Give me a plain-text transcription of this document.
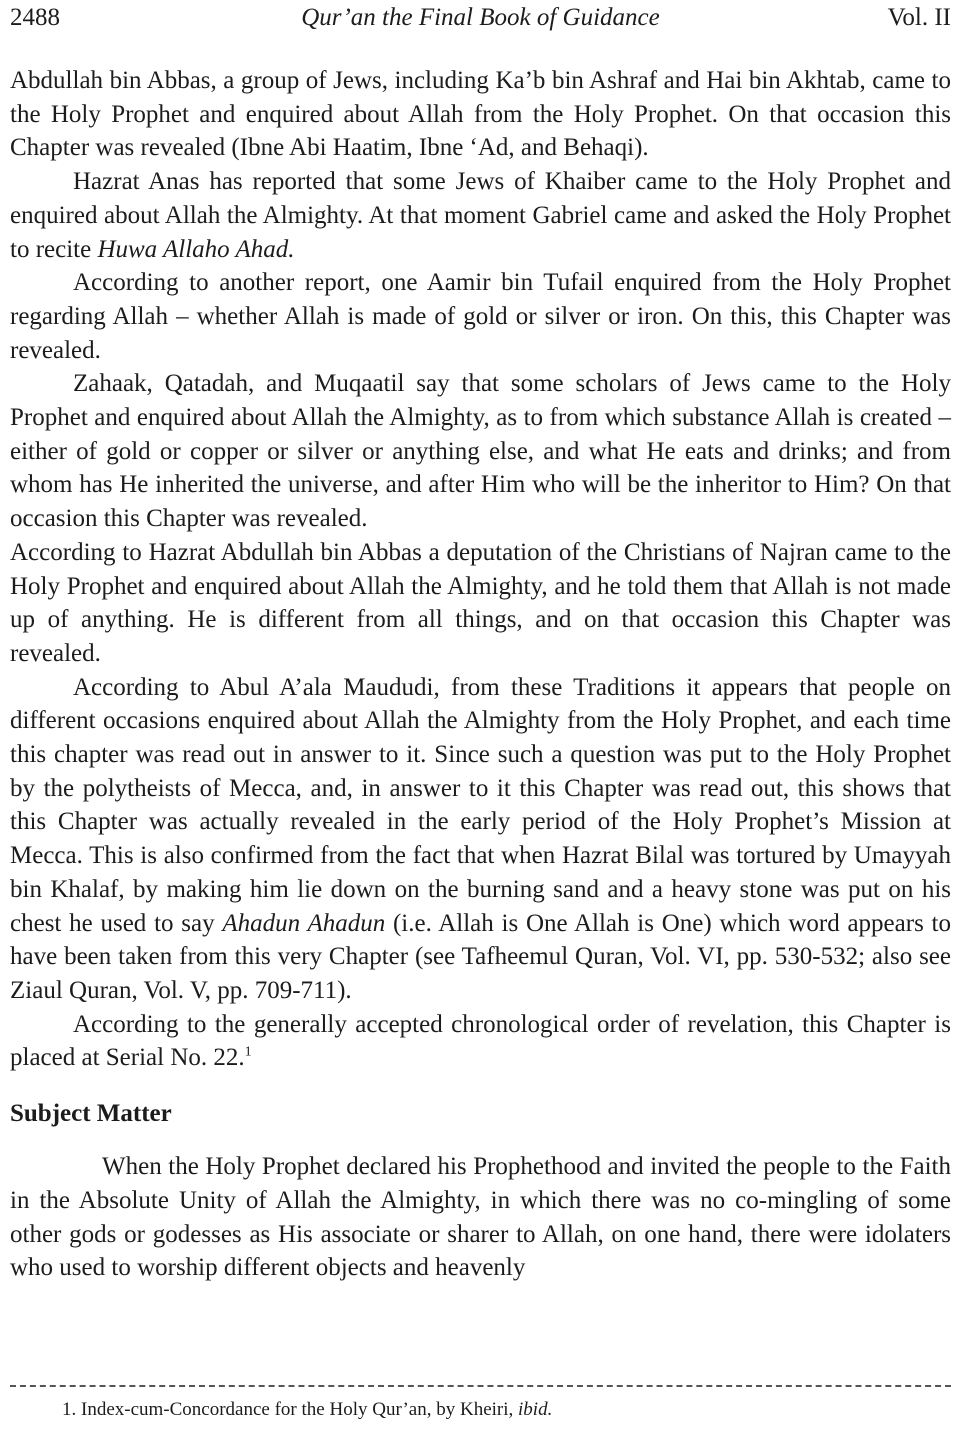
2488	Qur’an the Final Book of Guidance	Vol. II

Abdullah bin Abbas, a group of Jews, including Ka’b bin Ashraf and Hai bin Akhtab, came to the Holy Prophet and enquired about Allah from the Holy Prophet. On that occasion this Chapter was revealed (Ibne Abi Haatim, Ibne ‘Ad, and Behaqi).

Hazrat Anas has reported that some Jews of Khaiber came to the Holy Prophet and enquired about Allah the Almighty. At that moment Gabriel came and asked the Holy Prophet to recite Huwa Allaho Ahad.

According to another report, one Aamir bin Tufail enquired from the Holy Prophet regarding Allah – whether Allah is made of gold or silver or iron. On this, this Chapter was revealed.

Zahaak, Qatadah, and Muqaatil say that some scholars of Jews came to the Holy Prophet and enquired about Allah the Almighty, as to from which substance Allah is created – either of gold or copper or silver or anything else, and what He eats and drinks; and from whom has He inherited the universe, and after Him who will be the inheritor to Him? On that occasion this Chapter was revealed.

According to Hazrat Abdullah bin Abbas a deputation of the Christians of Najran came to the Holy Prophet and enquired about Allah the Almighty, and he told them that Allah is not made up of anything. He is different from all things, and on that occasion this Chapter was revealed.

According to Abul A’ala Maududi, from these Traditions it appears that people on different occasions enquired about Allah the Almighty from the Holy Prophet, and each time this chapter was read out in answer to it. Since such a question was put to the Holy Prophet by the polytheists of Mecca, and, in answer to it this Chapter was read out, this shows that this Chapter was actually revealed in the early period of the Holy Prophet’s Mission at Mecca. This is also confirmed from the fact that when Hazrat Bilal was tortured by Umayyah bin Khalaf, by making him lie down on the burning sand and a heavy stone was put on his chest he used to say Ahadun Ahadun (i.e. Allah is One Allah is One) which word appears to have been taken from this very Chapter (see Tafheemul Quran, Vol. VI, pp. 530-532; also see Ziaul Quran, Vol. V, pp. 709-711).

According to the generally accepted chronological order of revelation, this Chapter is placed at Serial No. 22.$^1$

Subject Matter

When the Holy Prophet declared his Prophethood and invited the people to the Faith in the Absolute Unity of Allah the Almighty, in which there was no co-mingling of some other gods or godesses as His associate or sharer to Allah, on one hand, there were idolaters who used to worship different objects and heavenly

1. Index-cum-Concordance for the Holy Qur’an, by Kheiri, ibid.
